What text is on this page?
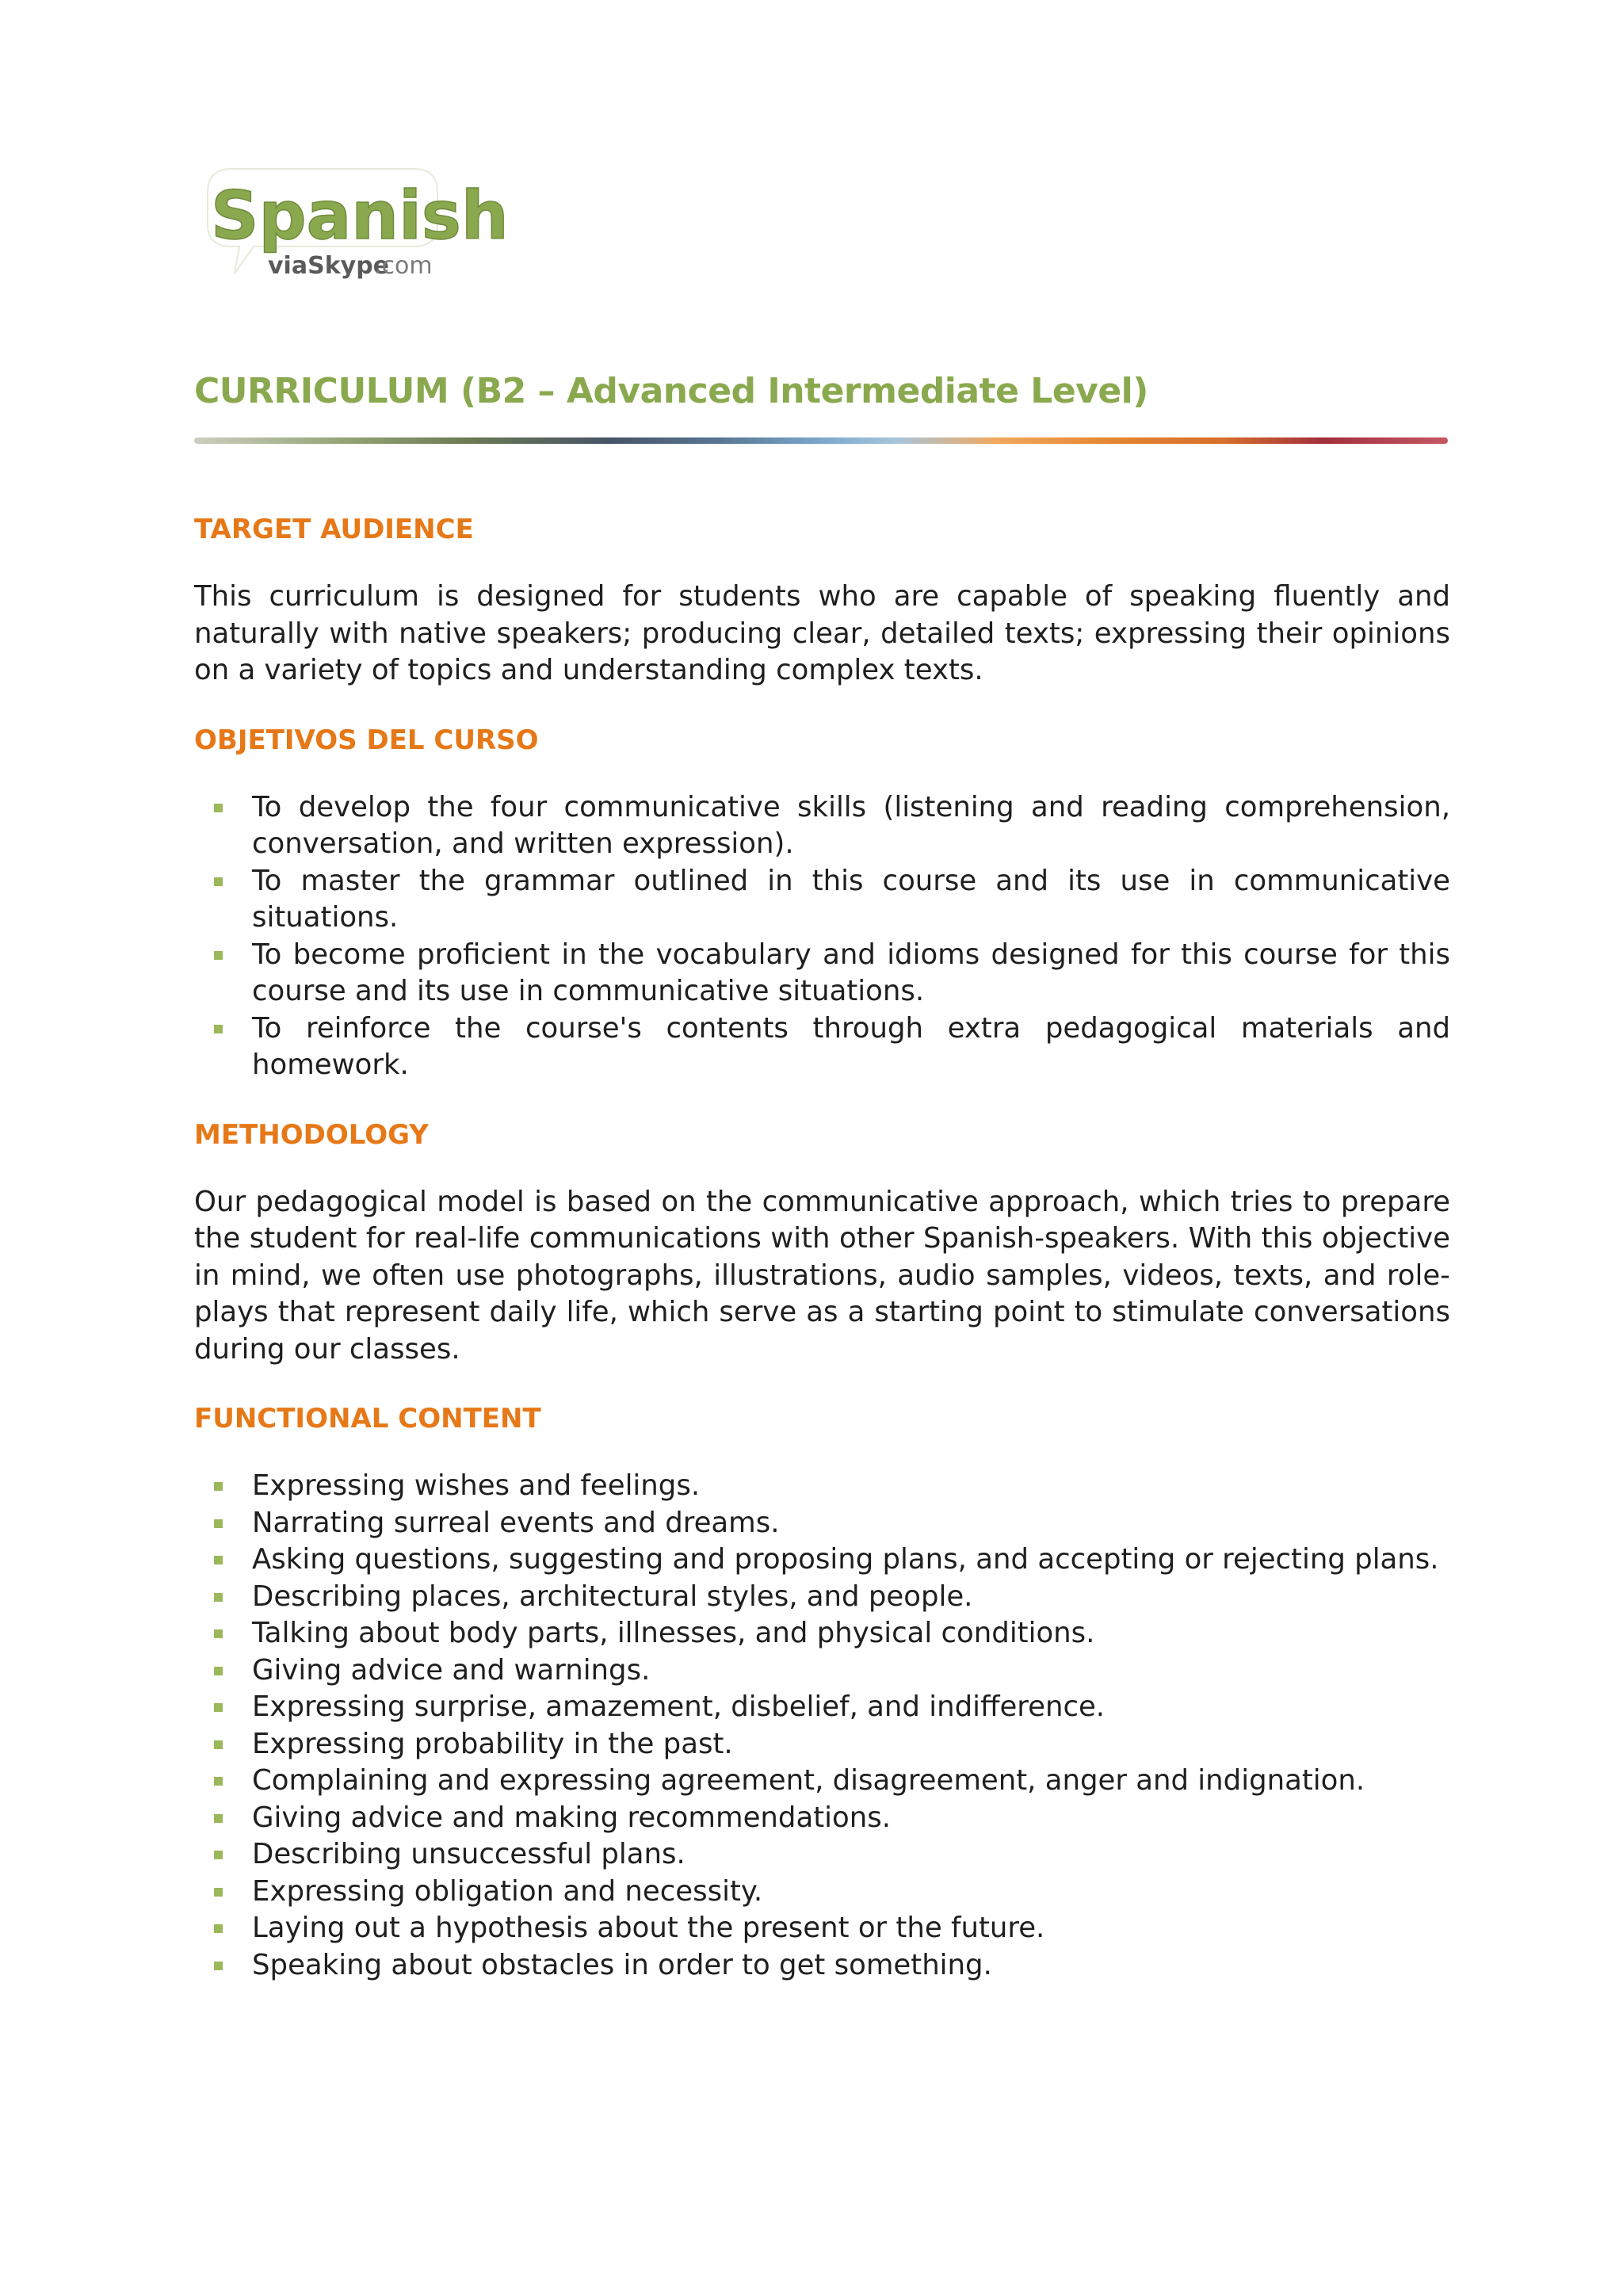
Spanish
viaSkype
.com
CURRICULUM (B2 – Advanced Intermediate Level)
TARGET AUDIENCE

This curriculum is designed for students who are capable of speaking fluently and naturally with native speakers; producing clear, detailed texts; expressing their opinions on a variety of topics and understanding complex texts.

OBJETIVOS DEL CURSO
To develop the four communicative skills (listening and reading comprehension, conversation, and written expression).
To master the grammar outlined in this course and its use in communicative situations.
To become proficient in the vocabulary and idioms designed for this course for this course and its use in communicative situations.
To reinforce the course's contents through extra pedagogical materials and homework.
METHODOLOGY

Our pedagogical model is based on the communicative approach, which tries to prepare the student for real-life communications with other Spanish-speakers. With this objective in mind, we often use photographs, illustrations, audio samples, videos, texts, and role-plays that represent daily life, which serve as a starting point to stimulate conversations during our classes.

FUNCTIONAL CONTENT
Expressing wishes and feelings.
Narrating surreal events and dreams.
Asking questions, suggesting and proposing plans, and accepting or rejecting plans.
Describing places, architectural styles, and people.
Talking about body parts, illnesses, and physical conditions.
Giving advice and warnings.
Expressing surprise, amazement, disbelief, and indifference.
Expressing probability in the past.
Complaining and expressing agreement, disagreement, anger and indignation.
Giving advice and making recommendations.
Describing unsuccessful plans.
Expressing obligation and necessity.
Laying out a hypothesis about the present or the future.
Speaking about obstacles in order to get something.
